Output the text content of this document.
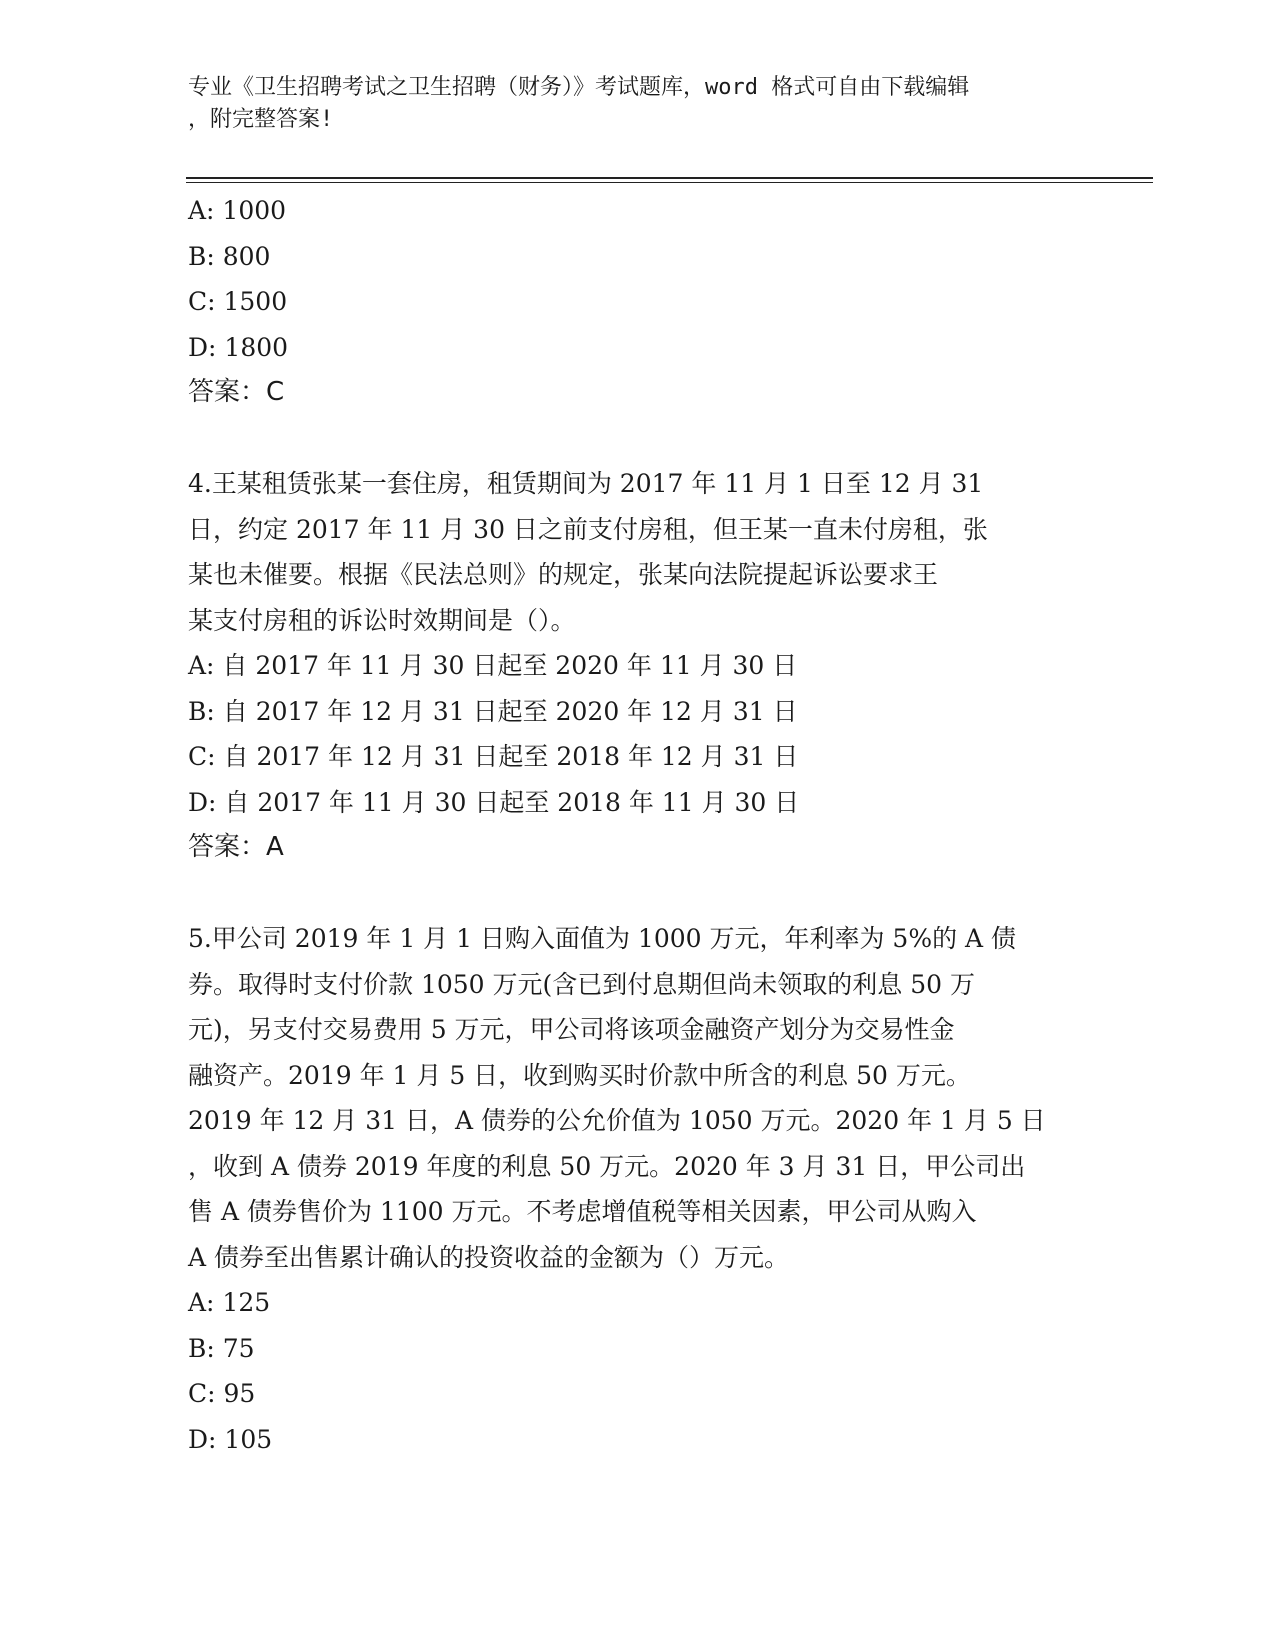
专业《卫生招聘考试之卫生招聘（财务）》考试题库，word 格式可自由下载编辑
，附完整答案!
A: 1000
B: 800
C: 1500
D: 1800
答案：C
4.王某租赁张某一套住房，租赁期间为 2017 年 11 月 1 日至 12 月 31
日，约定 2017 年 11 月 30 日之前支付房租，但王某一直未付房租，张
某也未催要。根据《民法总则》的规定，张某向法院提起诉讼要求王
某支付房租的诉讼时效期间是（）。
A: 自 2017 年 11 月 30 日起至 2020 年 11 月 30 日
B: 自 2017 年 12 月 31 日起至 2020 年 12 月 31 日
C: 自 2017 年 12 月 31 日起至 2018 年 12 月 31 日
D: 自 2017 年 11 月 30 日起至 2018 年 11 月 30 日
答案：A
5.甲公司 2019 年 1 月 1 日购入面值为 1000 万元，年利率为 5%的 A 债
券。取得时支付价款 1050 万元(含已到付息期但尚未领取的利息 50 万
元)，另支付交易费用 5 万元，甲公司将该项金融资产划分为交易性金
融资产。2019 年 1 月 5 日，收到购买时价款中所含的利息 50 万元。
2019 年 12 月 31 日，A 债券的公允价值为 1050 万元。2020 年 1 月 5 日
，收到 A 债券 2019 年度的利息 50 万元。2020 年 3 月 31 日，甲公司出
售 A 债券售价为 1100 万元。不考虑增值税等相关因素，甲公司从购入
A 债券至出售累计确认的投资收益的金额为（）万元。
A: 125
B: 75
C: 95
D: 105
